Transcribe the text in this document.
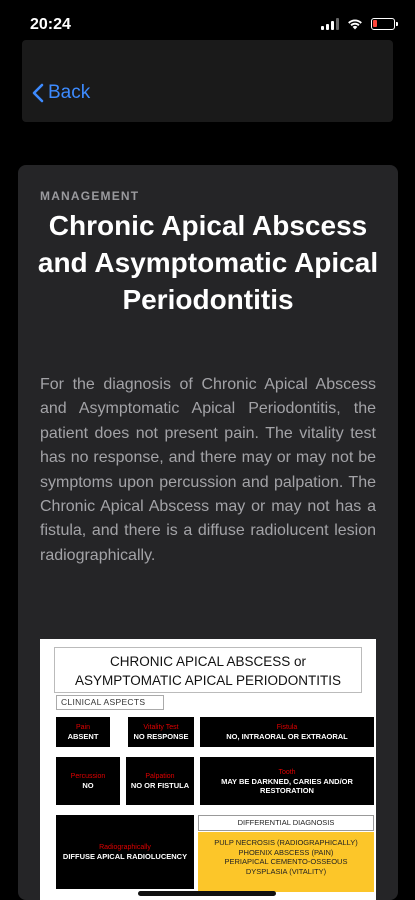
20:24
Back
MANAGEMENT
Chronic Apical Abscess and Asymptomatic Apical Periodontitis
For the diagnosis of Chronic Apical Abscess and Asymptomatic Apical Periodontitis, the patient does not present pain. The vitality test has no response, and there may or may not be symptoms upon percussion and palpation. The Chronic Apical Abscess may or may not has a fistula, and there is a diffuse radiolucent lesion radiographically.
CHRONIC APICAL ABSCESS or
ASYMPTOMATIC APICAL PERIODONTITIS
CLINICAL ASPECTS
Pain
ABSENT
Vitality Test
NO RESPONSE
Fistula
NO, INTRAORAL OR EXTRAORAL
Percussion
NO
Palpation
NO OR FISTULA
Tooth
MAY BE DARKNED, CARIES AND/OR RESTORATION
Radiographically
DIFFUSE APICAL RADIOLUCENCY
DIFFERENTIAL DIAGNOSIS
PULP NECROSIS (RADIOGRAPHICALLY)
PHOENIX ABSCESS (PAIN)
PERIAPICAL CEMENTO-OSSEOUS
DYSPLASIA (VITALITY)
